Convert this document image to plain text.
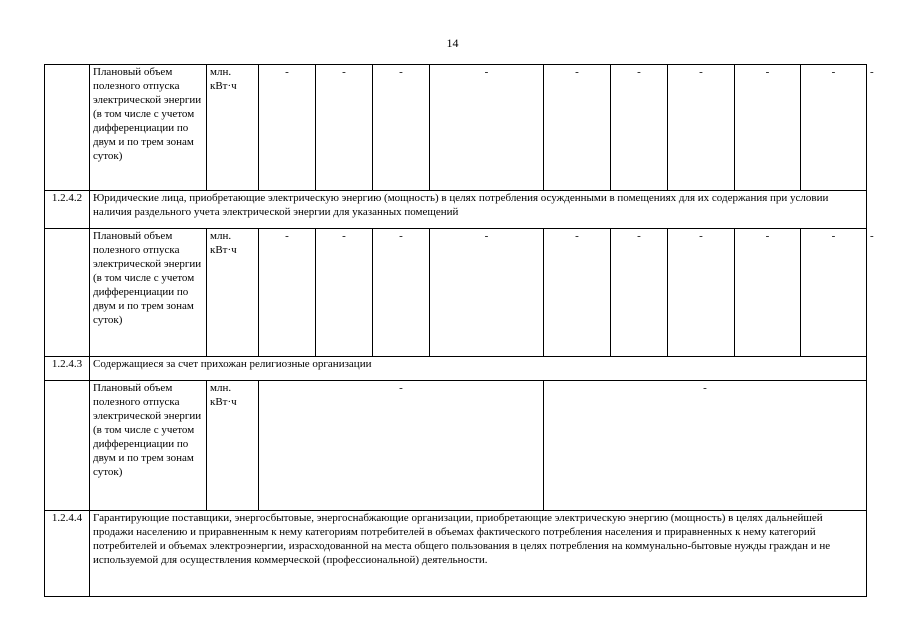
14
	Плановый объем полезного отпуска электрической энергии (в том числе с учетом дифференциации по двум и по трем зонам суток)	млн. кВт·ч	-	-	-	-	-	-	-	-	-	-
1.2.4.2	Юридические лица, приобретающие электрическую энергию (мощность) в целях потребления осужденными в помещениях для их содержания при условии наличия раздельного учета электрической энергии для указанных помещений											
	Плановый объем полезного отпуска электрической энергии (в том числе с учетом дифференциации по двум и по трем зонам суток)	млн. кВт·ч	-	-	-	-	-	-	-	-	-	-
1.2.4.3	Содержащиеся за счет прихожан религиозные организации											
	Плановый объем полезного отпуска электрической энергии (в том числе с учетом дифференциации по двум и по трем зонам суток)	млн. кВт·ч	-				-					
1.2.4.4	Гарантирующие поставщики, энергосбытовые, энергоснабжающие организации, приобретающие электрическую энергию (мощность) в целях дальнейшей продажи населению и приравненным к нему категориям потребителей в объемах фактического потребления населения и приравненных к нему категорий потребителей и объемах электроэнергии, израсходованной на места общего пользования в целях потребления на коммунально-бытовые нужды граждан и не используемой для осуществления коммерческой (профессиональной) деятельности.											
